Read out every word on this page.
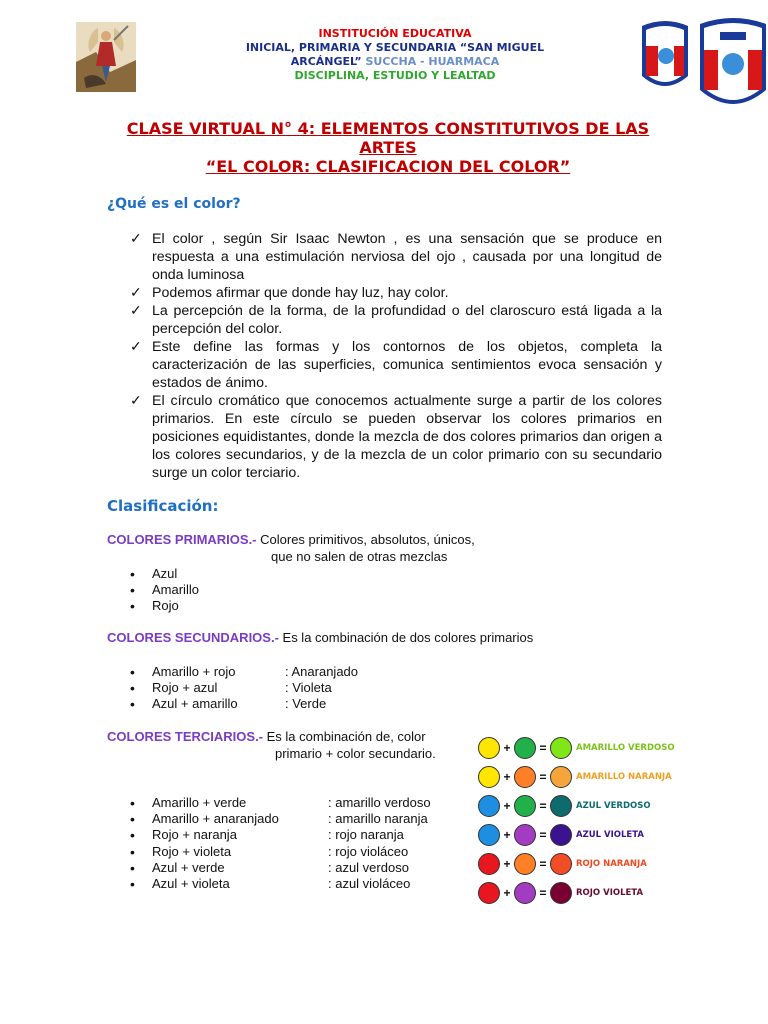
INSTITUCIÓN EDUCATIVA
INICIAL, PRIMARIA Y SECUNDARIA “SAN MIGUEL
ARCÁNGEL” SUCCHA - HUARMACA
DISCIPLINA, ESTUDIO Y LEALTAD
CLASE VIRTUAL N° 4: ELEMENTOS CONSTITUTIVOS DE LAS ARTES
“EL COLOR: CLASIFICACION DEL COLOR”
¿Qué es el color?
✓ El color , según Sir Isaac Newton , es una sensación que se produce en respuesta a una estimulación nerviosa del ojo , causada por una longitud de onda luminosa
✓ Podemos afirmar que donde hay luz, hay color.
✓ La percepción de la forma, de la profundidad o del claroscuro está ligada a la percepción del color.
✓ Este define las formas y los contornos de los objetos, completa la caracterización de las superficies, comunica sentimientos evoca sensación y estados de ánimo.
✓ El círculo cromático que conocemos actualmente surge a partir de los colores primarios. En este círculo se pueden observar los colores primarios en posiciones equidistantes, donde la mezcla de dos colores primarios dan origen a los colores secundarios, y de la mezcla de un color primario con su secundario surge un color terciario.
Clasificación:
COLORES PRIMARIOS.- Colores primitivos, absolutos, únicos,
que no salen de otras mezclas
• Azul
• Amarillo
• Rojo
COLORES SECUNDARIOS.- Es la combinación de dos colores primarios
• Amarillo + rojo	: Anaranjado
• Rojo + azul	: Violeta
• Azul + amarillo	: Verde
COLORES TERCIARIOS.- Es la combinación de, color
primario + color secundario.
• Amarillo + verde	: amarillo verdoso
• Amarillo + anaranjado	: amarillo naranja
• Rojo + naranja	: rojo naranja
• Rojo + violeta	: rojo violáceo
• Azul + verde	: azul verdoso
• Azul + violeta	: azul violáceo
+ =	AMARILLO VERDOSO
+ =	AMARILLO NARANJA
+ =	AZUL VERDOSO
+ =	AZUL VIOLETA
+ =	ROJO NARANJA
+ =	ROJO VIOLETA
